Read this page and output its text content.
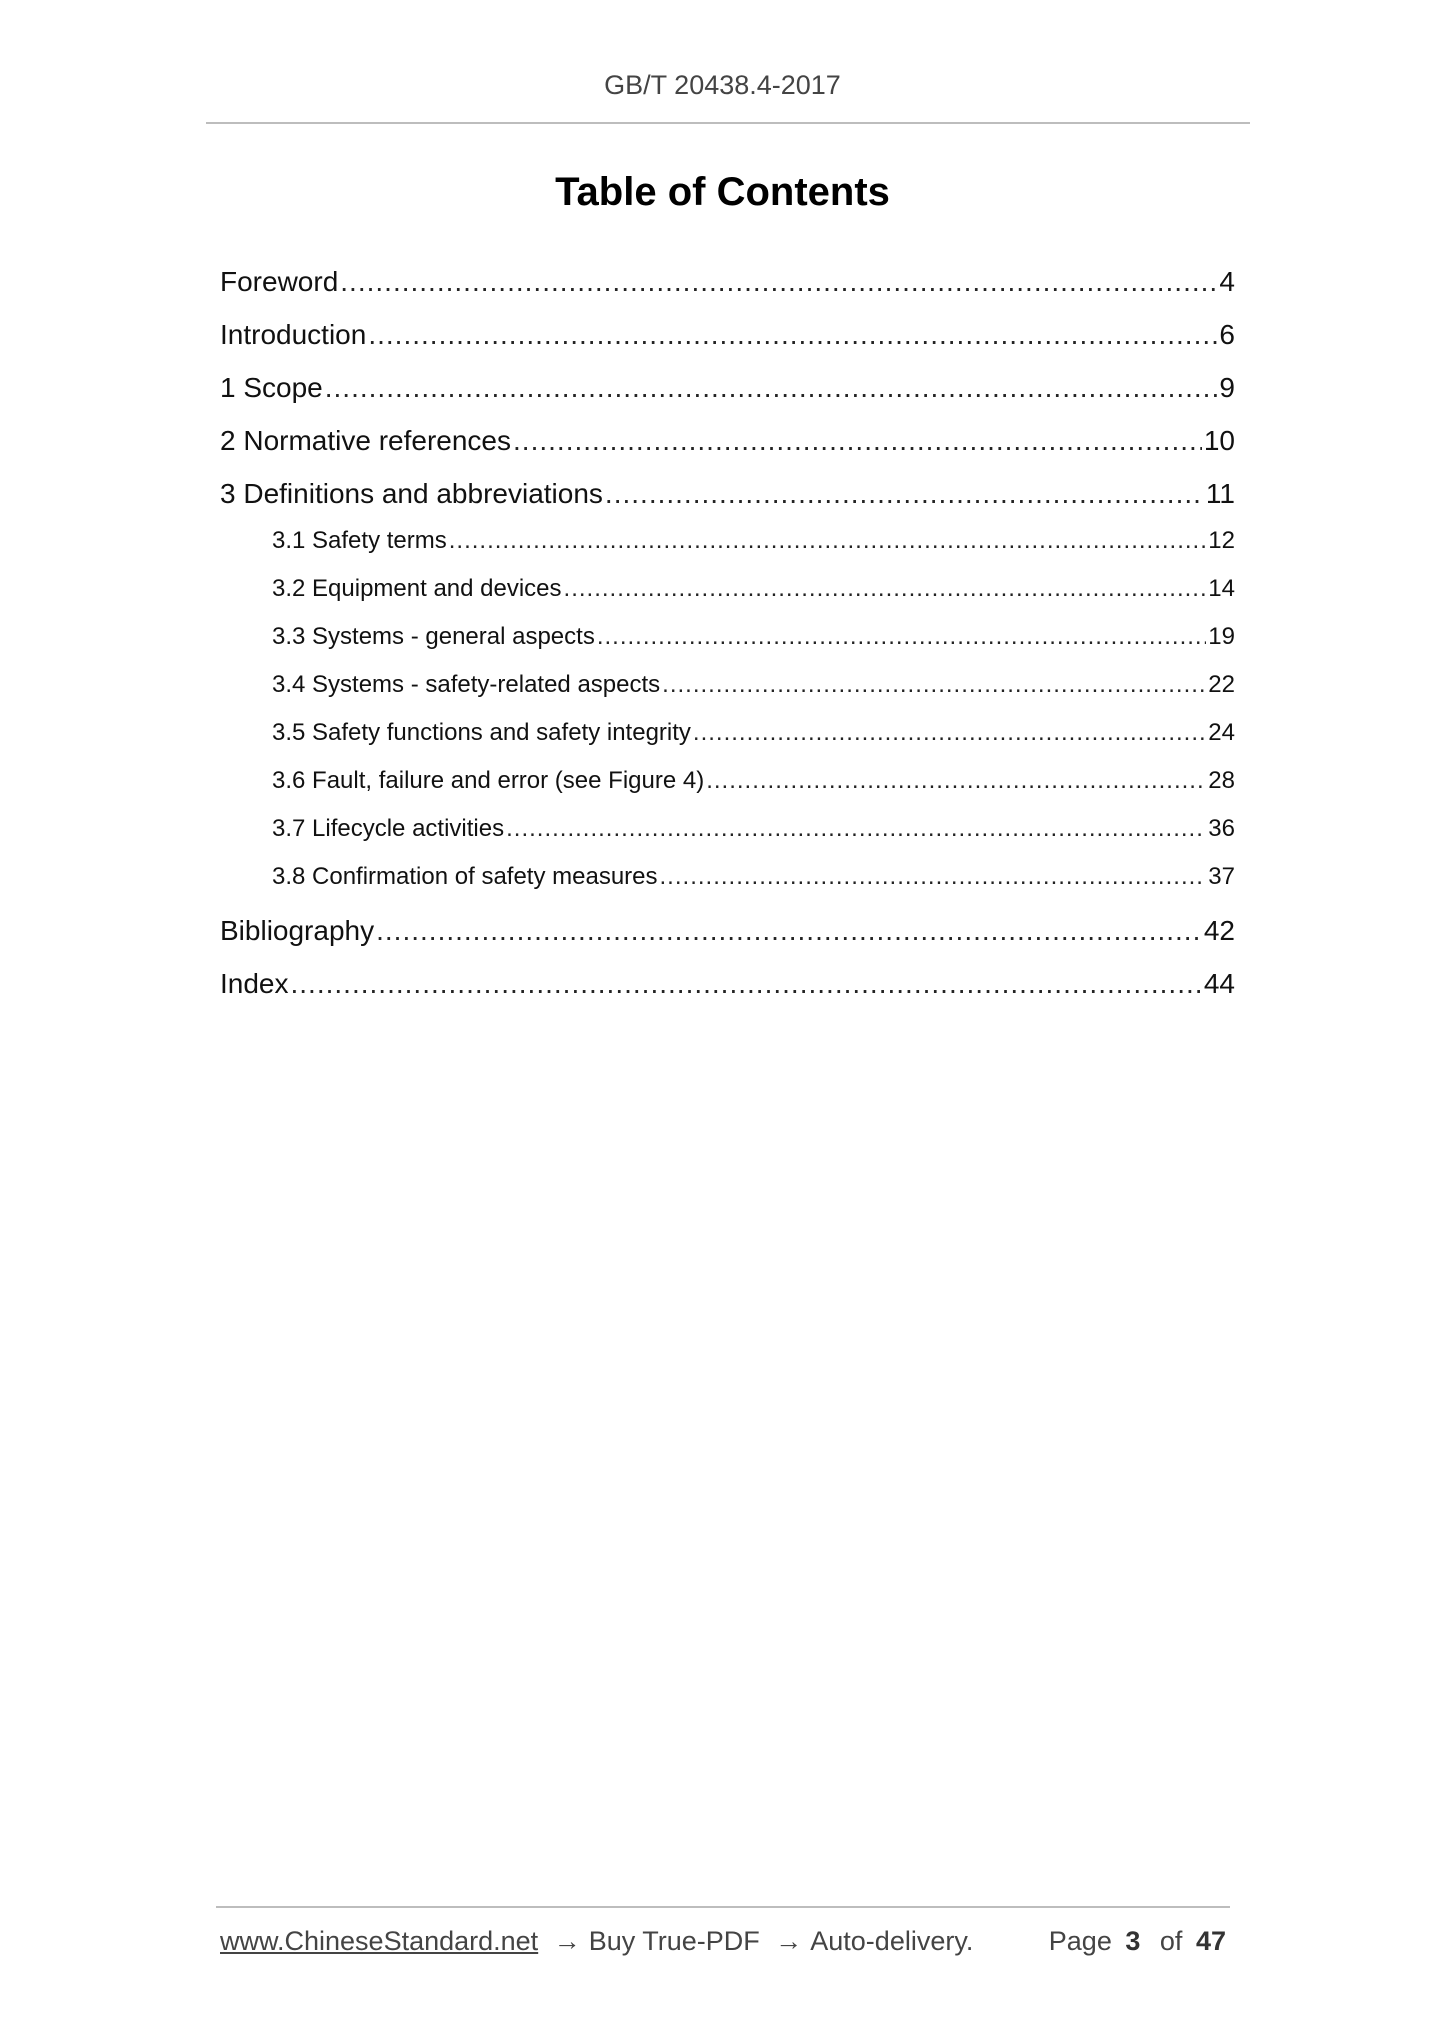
GB/T 20438.4-2017
Table of Contents
Foreword .....	4
Introduction .....	6
1 Scope .....	9
2 Normative references .....	10
3 Definitions and abbreviations .....	11
3.1 Safety terms .....	12
3.2 Equipment and devices .....	14
3.3 Systems - general aspects .....	19
3.4 Systems - safety-related aspects .....	22
3.5 Safety functions and safety integrity .....	24
3.6 Fault, failure and error (see Figure 4) .....	28
3.7 Lifecycle activities .....	36
3.8 Confirmation of safety measures .....	37
Bibliography .....	42
Index .....	44
www.ChineseStandard.net → Buy True-PDF → Auto-delivery.	Page 3 of 47
